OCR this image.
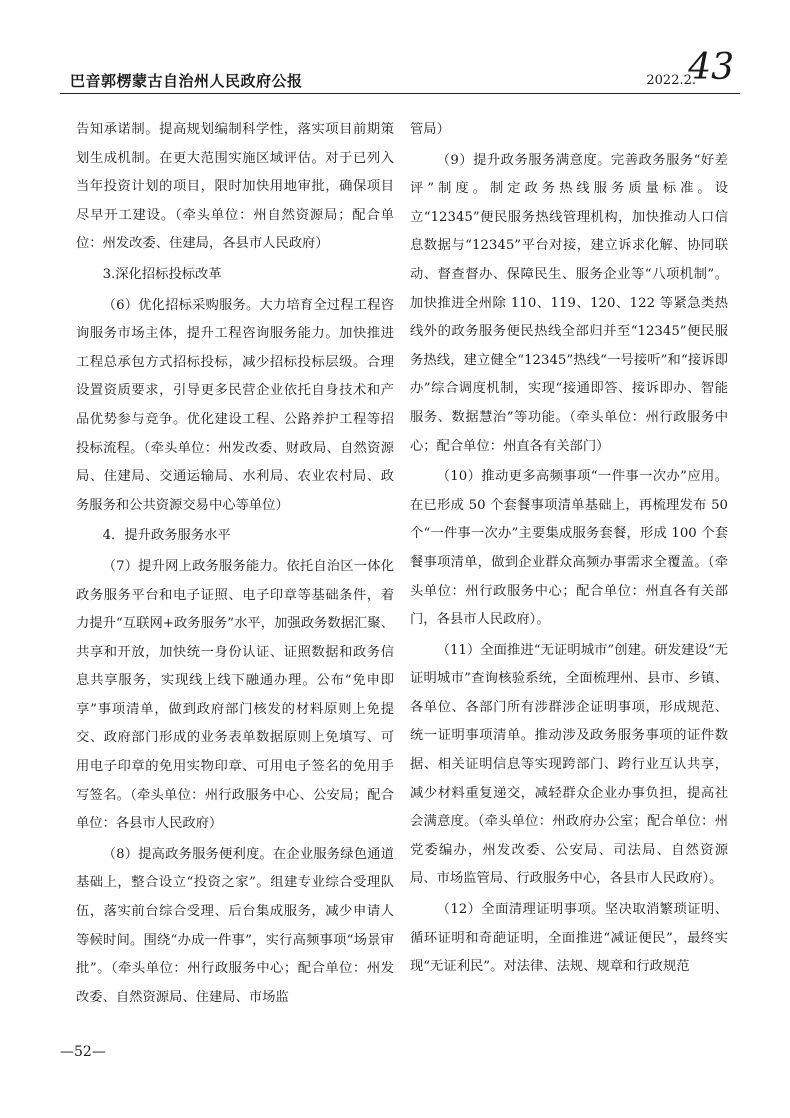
巴音郭楞蒙古自治州人民政府公报	2022.2.
43

告知承诺制。提高规划编制科学性，落实项目前期策划生成机制。在更大范围实施区域评估。对于已列入当年投资计划的项目，限时加快用地审批，确保项目尽早开工建设。（牵头单位：州自然资源局；配合单位：州发改委、住建局，各县市人民政府）

3.深化招标投标改革

（6）优化招标采购服务。大力培育全过程工程咨询服务市场主体，提升工程咨询服务能力。加快推进工程总承包方式招标投标，减少招标投标层级。合理设置资质要求，引导更多民营企业依托自身技术和产品优势参与竞争。优化建设工程、公路养护工程等招投标流程。（牵头单位：州发改委、财政局、自然资源局、住建局、交通运输局、水利局、农业农村局、政务服务和公共资源交易中心等单位）

4．提升政务服务水平

（7）提升网上政务服务能力。依托自治区一体化政务服务平台和电子证照、电子印章等基础条件，着力提升“互联网+政务服务”水平，加强政务数据汇聚、共享和开放，加快统一身份认证、证照数据和政务信息共享服务，实现线上线下融通办理。公布“免申即享”事项清单，做到政府部门核发的材料原则上免提交、政府部门形成的业务表单数据原则上免填写、可用电子印章的免用实物印章、可用电子签名的免用手写签名。（牵头单位：州行政服务中心、公安局；配合单位：各县市人民政府）

（8）提高政务服务便利度。在企业服务绿色通道基础上，整合设立“投资之家”。组建专业综合受理队伍，落实前台综合受理、后台集成服务，减少申请人等候时间。围绕“办成一件事”，实行高频事项“场景审批”。（牵头单位：州行政服务中心；配合单位：州发改委、自然资源局、住建局、市场监

管局）

（9）提升政务服务满意度。完善政务服务“好差评”制度。制定政务热线服务质量标准。设立“12345”便民服务热线管理机构，加快推动人口信息数据与“12345”平台对接，建立诉求化解、协同联动、督查督办、保障民生、服务企业等“八项机制”。加快推进全州除 110、119、120、122 等紧急类热线外的政务服务便民热线全部归并至“12345”便民服务热线，建立健全“12345”热线“一号接听”和“接诉即办”综合调度机制，实现“接通即答、接诉即办、智能服务、数据慧治”等功能。（牵头单位：州行政服务中心；配合单位：州直各有关部门）

（10）推动更多高频事项“一件事一次办”应用。在已形成 50 个套餐事项清单基础上，再梳理发布 50 个“一件事一次办”主要集成服务套餐，形成 100 个套餐事项清单，做到企业群众高频办事需求全覆盖。（牵头单位：州行政服务中心；配合单位：州直各有关部门，各县市人民政府）。

（11）全面推进“无证明城市”创建。研发建设“无证明城市”查询核验系统，全面梳理州、县市、乡镇、各单位、各部门所有涉群涉企证明事项，形成规范、统一证明事项清单。推动涉及政务服务事项的证件数据、相关证明信息等实现跨部门、跨行业互认共享，减少材料重复递交，减轻群众企业办事负担，提高社会满意度。（牵头单位：州政府办公室；配合单位：州党委编办，州发改委、公安局、司法局、自然资源局、市场监管局、行政服务中心，各县市人民政府）。

（12）全面清理证明事项。坚决取消繁琐证明、循环证明和奇葩证明，全面推进“减证便民”，最终实现“无证利民”。对法律、法规、规章和行政规范

—52—
